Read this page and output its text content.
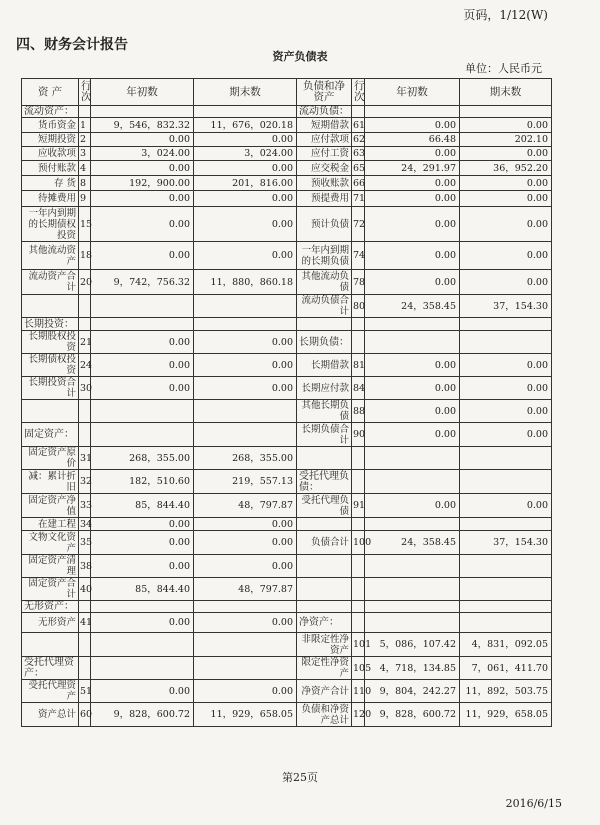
页码，1/12(W)
四、财务会计报告
资产负债表
单位：人民币元
资 产	行次	年初数	期末数	负债和净资产	行次	年初数	期末数
流动资产：				流动负债：			
货币资金	1	9，546，832.32	11，676，020.18	短期借款	61	0.00	0.00
短期投资	2	0.00	0.00	应付款项	62	66.48	202.10
应收款项	3	3，024.00	3，024.00	应付工资	63	0.00	0.00
预付账款	4	0.00	0.00	应交税金	65	24，291.97	36，952.20
存 货	8	192，900.00	201，816.00	预收账款	66	0.00	0.00
待摊费用	9	0.00	0.00	预提费用	71	0.00	0.00
一年内到期的长期债权投资	15	0.00	0.00	预计负债	72	0.00	0.00
其他流动资产	18	0.00	0.00	一年内到期的长期负债	74	0.00	0.00
流动资产合计	20	9，742，756.32	11，880，860.18	其他流动负债	78	0.00	0.00
				流动负债合计	80	24，358.45	37，154.30
长期投资：							
长期股权投资	21	0.00	0.00	长期负债：			
长期债权投资	24	0.00	0.00	长期借款	81	0.00	0.00
长期投资合计	30	0.00	0.00	长期应付款	84	0.00	0.00
				其他长期负债	88	0.00	0.00
固定资产：				长期负债合计	90	0.00	0.00
固定资产原价	31	268，355.00	268，355.00				
减：累计折旧	32	182，510.60	219，557.13	受托代理负债：			
固定资产净值	33	85，844.40	48，797.87	受托代理负债	91	0.00	0.00
在建工程	34	0.00	0.00				
文物文化资产	35	0.00	0.00	负债合计	100	24，358.45	37，154.30
固定资产清理	38	0.00	0.00				
固定资产合计	40	85，844.40	48，797.87				
无形资产：							
无形资产	41	0.00	0.00	净资产：			
				非限定性净资产	101	5，086，107.42	4，831，092.05
受托代理资产：				限定性净资产	105	4，718，134.85	7，061，411.70
受托代理资产	51	0.00	0.00	净资产合计	110	9，804，242.27	11，892，503.75
资产总计	60	9，828，600.72	11，929，658.05	负债和净资产总计	120	9，828，600.72	11，929，658.05
第25页
2016/6/15
